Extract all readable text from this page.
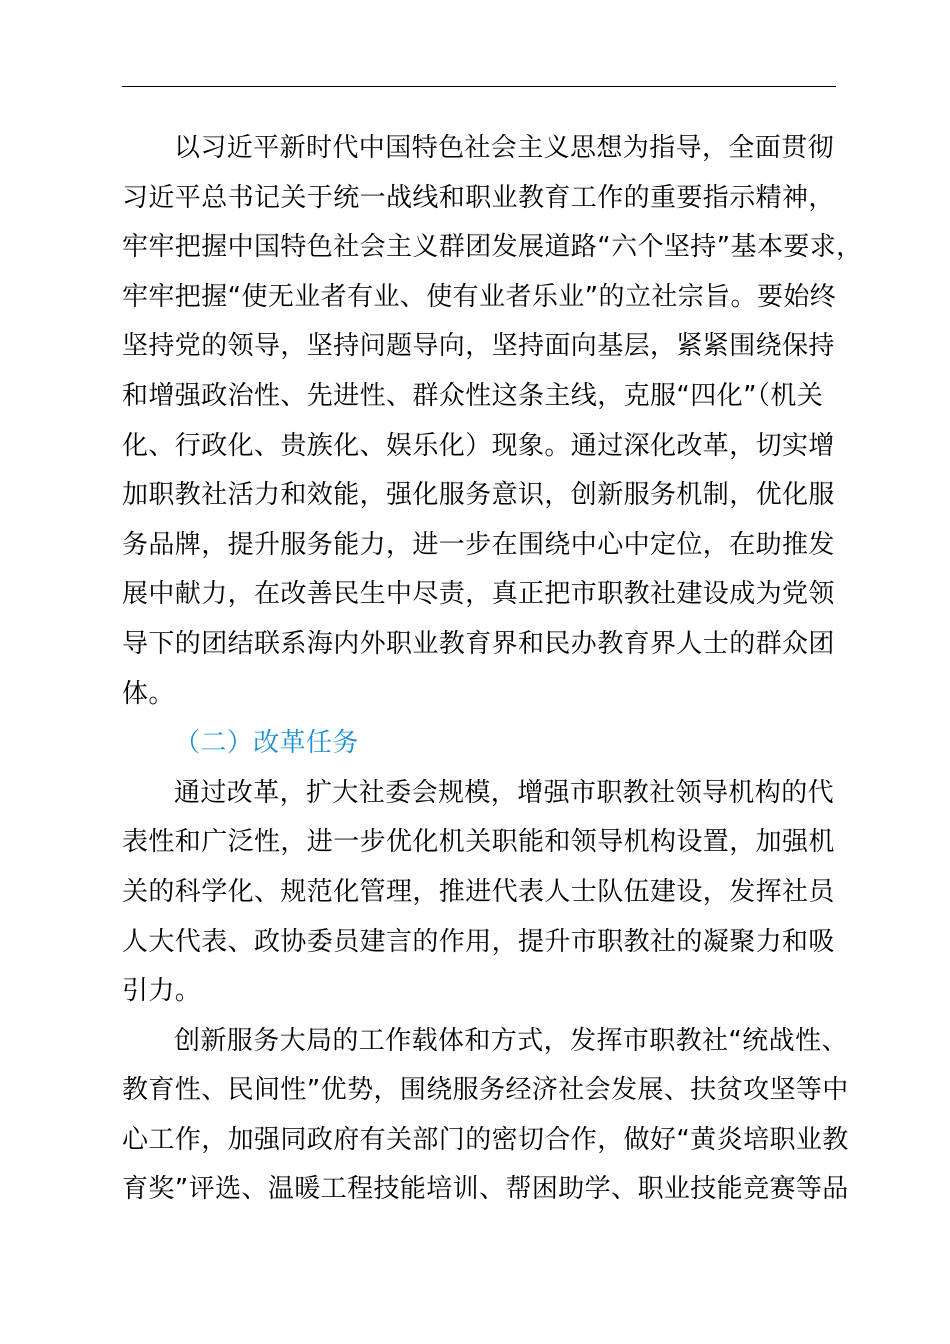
以习近平新时代中国特色社会主义思想为指导，全面贯彻
习近平总书记关于统一战线和职业教育工作的重要指示精神，
牢牢把握中国特色社会主义群团发展道路“六个坚持”基本要求，
牢牢把握“使无业者有业、使有业者乐业”的立社宗旨。要始终
坚持党的领导，坚持问题导向，坚持面向基层，紧紧围绕保持
和增强政治性、先进性、群众性这条主线，克服“四化”（机关
化、行政化、贵族化、娱乐化）现象。通过深化改革，切实增
加职教社活力和效能，强化服务意识，创新服务机制，优化服
务品牌，提升服务能力，进一步在围绕中心中定位，在助推发
展中献力，在改善民生中尽责，真正把市职教社建设成为党领
导下的团结联系海内外职业教育界和民办教育界人士的群众团
体。

（二）改革任务

通过改革，扩大社委会规模，增强市职教社领导机构的代
表性和广泛性，进一步优化机关职能和领导机构设置，加强机
关的科学化、规范化管理，推进代表人士队伍建设，发挥社员
人大代表、政协委员建言的作用，提升市职教社的凝聚力和吸
引力。

创新服务大局的工作载体和方式，发挥市职教社“统战性、
教育性、民间性”优势，围绕服务经济社会发展、扶贫攻坚等中
心工作，加强同政府有关部门的密切合作，做好“黄炎培职业教
育奖”评选、温暖工程技能培训、帮困助学、职业技能竞赛等品
